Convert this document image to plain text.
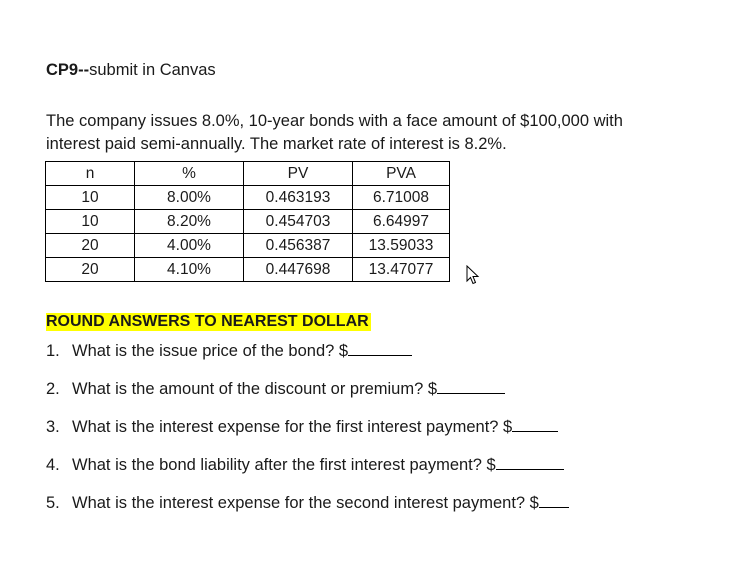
CP9--submit in Canvas

The company issues 8.0%, 10-year bonds with a face amount of $100,000 with

interest paid semi-annually. The market rate of interest is 8.2%.

n	%	PV	PVA
10	8.00%	0.463193	6.71008
10	8.20%	0.454703	6.64997
20	4.00%	0.456387	13.59033
20	4.10%	0.447698	13.47077
ROUND ANSWERS TO NEAREST DOLLAR
1. What is the issue price of the bond? $
2. What is the amount of the discount or premium? $
3. What is the interest expense for the first interest payment? $
4. What is the bond liability after the first interest payment? $
5. What is the interest expense for the second interest payment? $
